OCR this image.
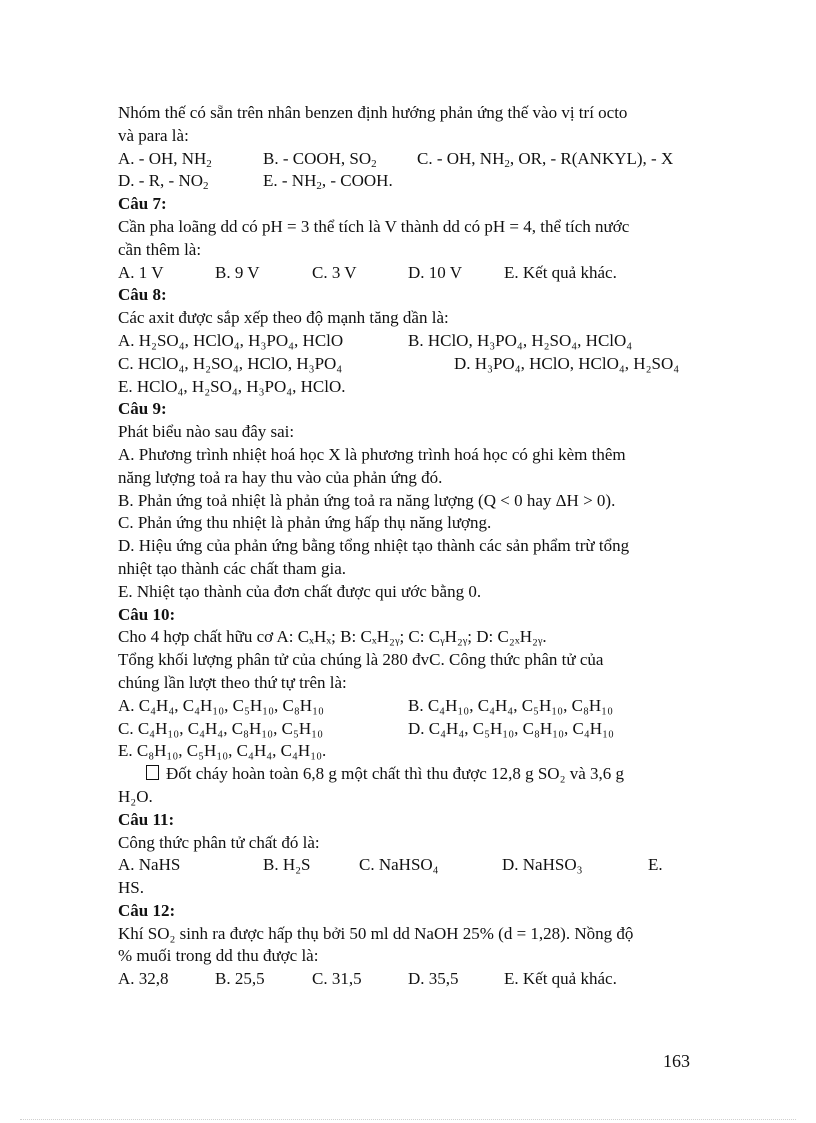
Nhóm thế có sẵn trên nhân benzen định hướng phản ứng thế vào vị trí octo
và para là:
A. - OH, $NH_2$	B. - COOH, $SO_2$	C. - OH, $NH_2$, OR, - R(ANKYL), - X
D. - R, - $NO_2$	E. - $NH_2$, - COOH.
Câu 7:
Cần pha loãng dd có pH = 3 thể tích là V thành dd có pH = 4, thể tích nước
cần thêm là:
A. 1 V	B. 9 V	C. 3 V	D. 10 V	E. Kết quả khác.
Câu 8:
Các axit được sắp xếp theo độ mạnh tăng dần là:
A. H₂SO₄, HClO₄, H₃PO₄, HClO	B. HClO, H₃PO₄, H₂SO₄, HClO₄
C. HClO₄, H₂SO₄, HClO, H₃PO₄	D. H₃PO₄, HClO, HClO₄, H₂SO₄
E. HClO₄, H₂SO₄, H₃PO₄, HClO.
Câu 9:
Phát biểu nào sau đây sai:
A. Phương trình nhiệt hoá học X là phương trình hoá học có ghi kèm thêm
năng lượng toả ra hay thu vào của phản ứng đó.
B. Phản ứng toả nhiệt là phản ứng toả ra năng lượng (Q < 0 hay ΔH > 0).
C. Phản ứng thu nhiệt là phản ứng hấp thụ năng lượng.
D. Hiệu ứng của phản ứng bằng tổng nhiệt tạo thành các sản phẩm trừ tổng
nhiệt tạo thành các chất tham gia.
E. Nhiệt tạo thành của đơn chất được qui ước bằng 0.
Câu 10:
Cho 4 hợp chất hữu cơ A: CₓHₓ; B: CₓH₂ᵧ; C: CᵧH₂ᵧ; D: C₂ₓH₂ᵧ.
Tổng khối lượng phân tử của chúng là 280 đvC. Công thức phân tử của
chúng lần lượt theo thứ tự trên là:
A. C₄H₄, C₄H₁₀, C₅H₁₀, C₈H₁₀	B. C₄H₁₀, C₄H₄, C₅H₁₀, C₈H₁₀
C. C₄H₁₀, C₄H₄, C₈H₁₀, C₅H₁₀	D. C₄H₄, C₅H₁₀, C₈H₁₀, C₄H₁₀
E. C₈H₁₀, C₅H₁₀, C₄H₄, C₄H₁₀.
Đốt cháy hoàn toàn 6,8 g một chất thì thu được 12,8 g SO₂ và 3,6 g
H₂O.
Câu 11:
Công thức phân tử chất đó là:
A. NaHS	B. H₂S	C. NaHSO₄	D. NaHSO₃	E.
HS.
Câu 12:
Khí SO₂ sinh ra được hấp thụ bởi 50 ml dd NaOH 25% (d = 1,28). Nồng độ
% muối trong dd thu được là:
A. 32,8	B. 25,5	C. 31,5	D. 35,5	E. Kết quả khác.
163
